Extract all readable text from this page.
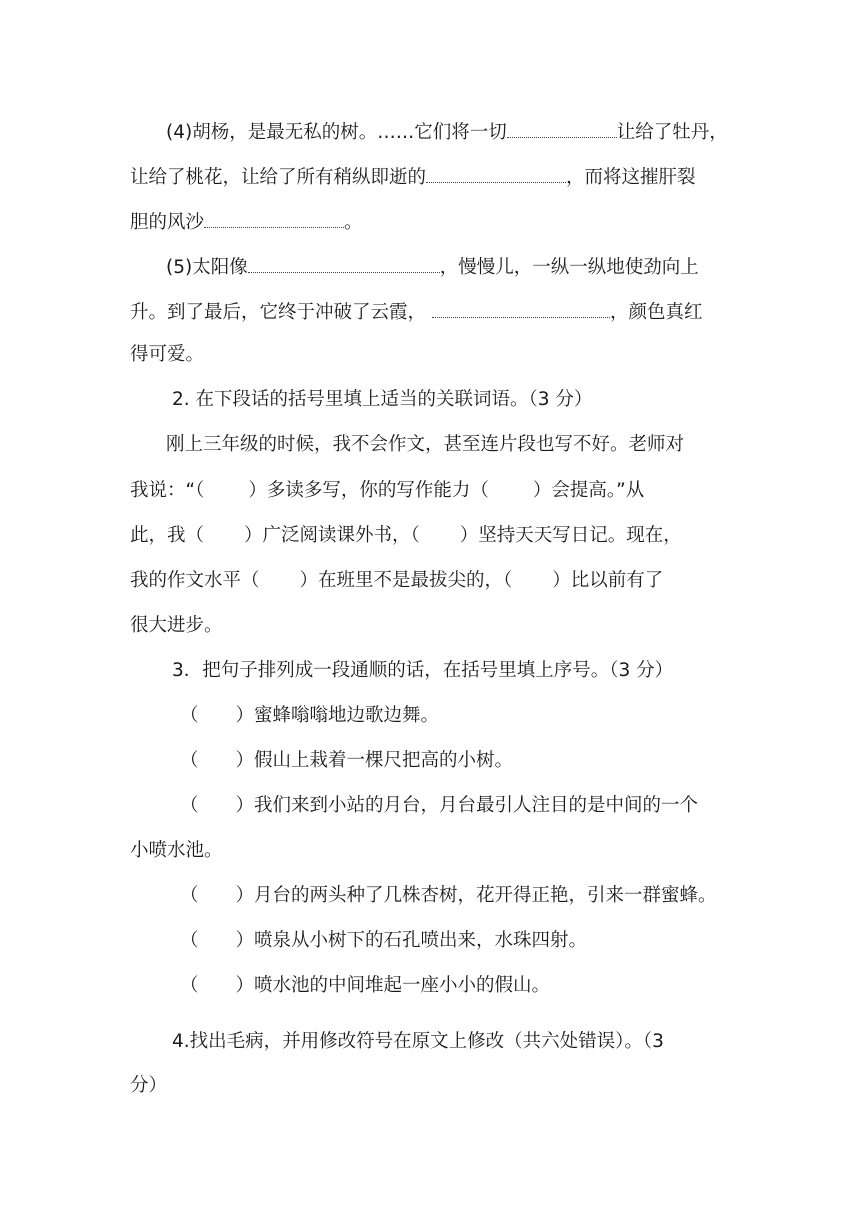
(4)胡杨，是最无私的树。……它们将一切	让给了牡丹，
让给了桃花，让给了所有稍纵即逝的	，而将这摧肝裂
胆的风沙	。
(5)太阳像	，慢慢儿，一纵一纵地使劲向上
升。到了最后，它终于冲破了云霞，	，颜色真红
得可爱。
2. 在下段话的括号里填上适当的关联词语。（3 分）
刚上三年级的时候，我不会作文，甚至连片段也写不好。老师对
我说：“（ ）多读多写，你的写作能力（ ）会提高。”从
此，我（ ）广泛阅读课外书，（ ）坚持天天写日记。现在，
我的作文水平（ ）在班里不是最拔尖的，（ ）比以前有了
很大进步。
3．把句子排列成一段通顺的话，在括号里填上序号。（3 分）
（　　）蜜蜂嗡嗡地边歌边舞。
（　　）假山上栽着一棵尺把高的小树。
（　　）我们来到小站的月台，月台最引人注目的是中间的一个
小喷水池。
（　　）月台的两头种了几株杏树，花开得正艳，引来一群蜜蜂。
（　　）喷泉从小树下的石孔喷出来，水珠四射。
（　　）喷水池的中间堆起一座小小的假山。
4.找出毛病，并用修改符号在原文上修改（共六处错误）。（3
分）
